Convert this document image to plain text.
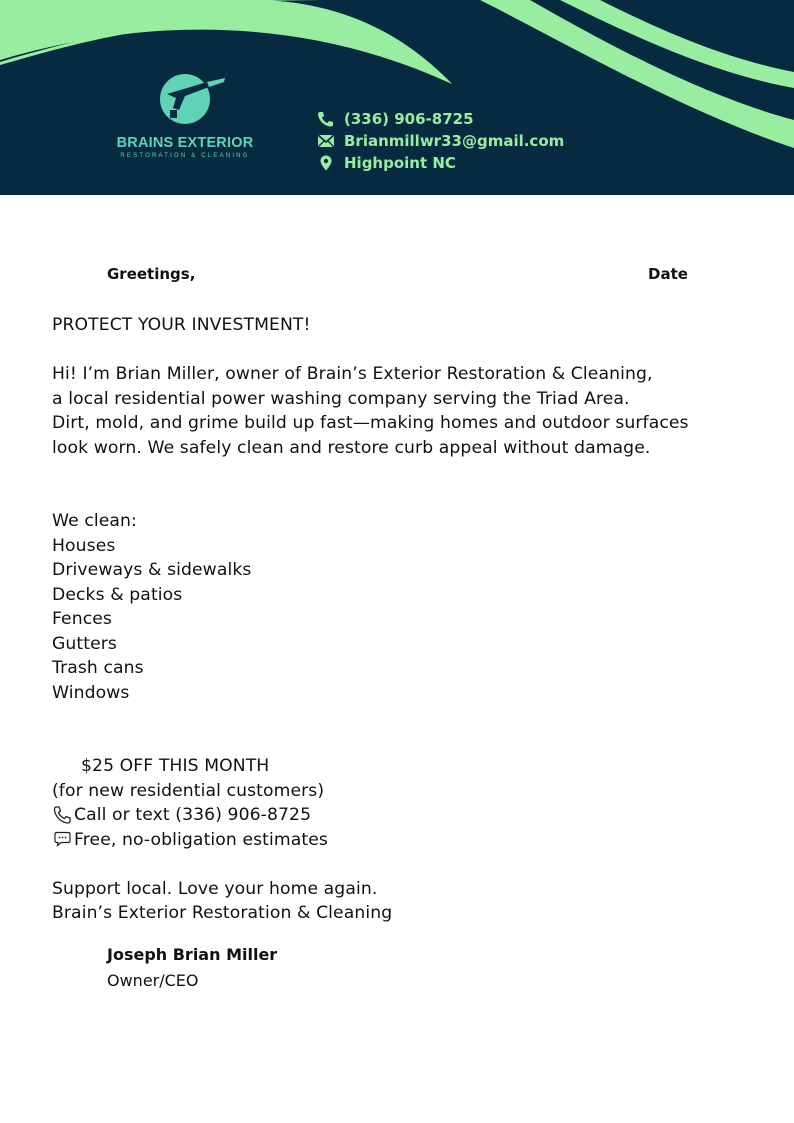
BRAINS EXTERIOR
RESTORATION & CLEANING
(336) 906-8725
Brianmillwr33@gmail.com
Highpoint NC
Greetings,	Date
PROTECT YOUR INVESTMENT!
Hi! I’m Brian Miller, owner of Brain’s Exterior Restoration & Cleaning,
a local residential power washing company serving the Triad Area.
Dirt, mold, and grime build up fast—making homes and outdoor surfaces
look worn. We safely clean and restore curb appeal without damage.
We clean:
Houses
Driveways & sidewalks
Decks & patios
Fences
Gutters
Trash cans
Windows
$25 OFF THIS MONTH
(for new residential customers)
Call or text (336) 906-8725
Free, no-obligation estimates
Support local. Love your home again.
Brain’s Exterior Restoration & Cleaning
Joseph Brian Miller
Owner/CEO
